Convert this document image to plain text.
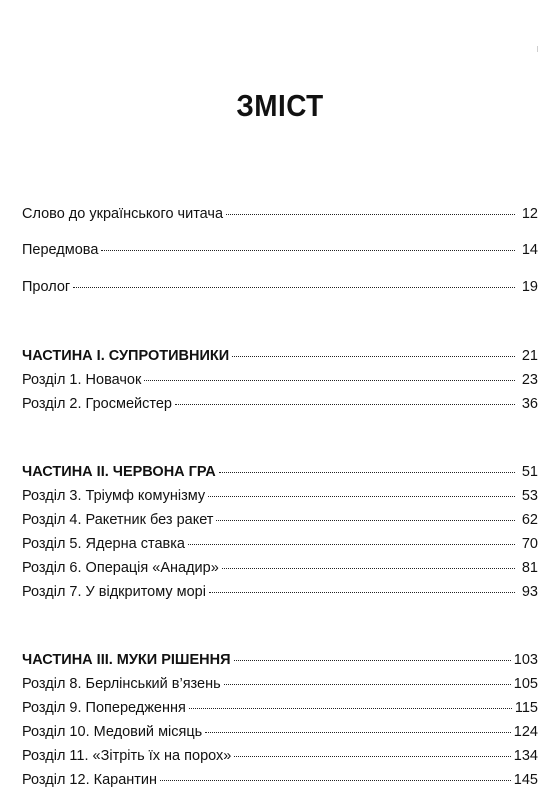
ЗМІСТ
Слово до українського читача	12
Передмова	14
Пролог	19
ЧАСТИНА І. СУПРОТИВНИКИ	21
Розділ 1. Новачок	23
Розділ 2. Гросмейстер	36
ЧАСТИНА ІІ. ЧЕРВОНА ГРА	51
Розділ 3. Тріумф комунізму	53
Розділ 4. Ракетник без ракет	62
Розділ 5. Ядерна ставка	70
Розділ 6. Операція «Анадир»	81
Розділ 7. У відкритому морі	93
ЧАСТИНА ІІІ. МУКИ РІШЕННЯ	103
Розділ 8. Берлінський в’язень	105
Розділ 9. Попередження	115
Розділ 10. Медовий місяць	124
Розділ 11. «Зітріть їх на порох»	134
Розділ 12. Карантин	145
